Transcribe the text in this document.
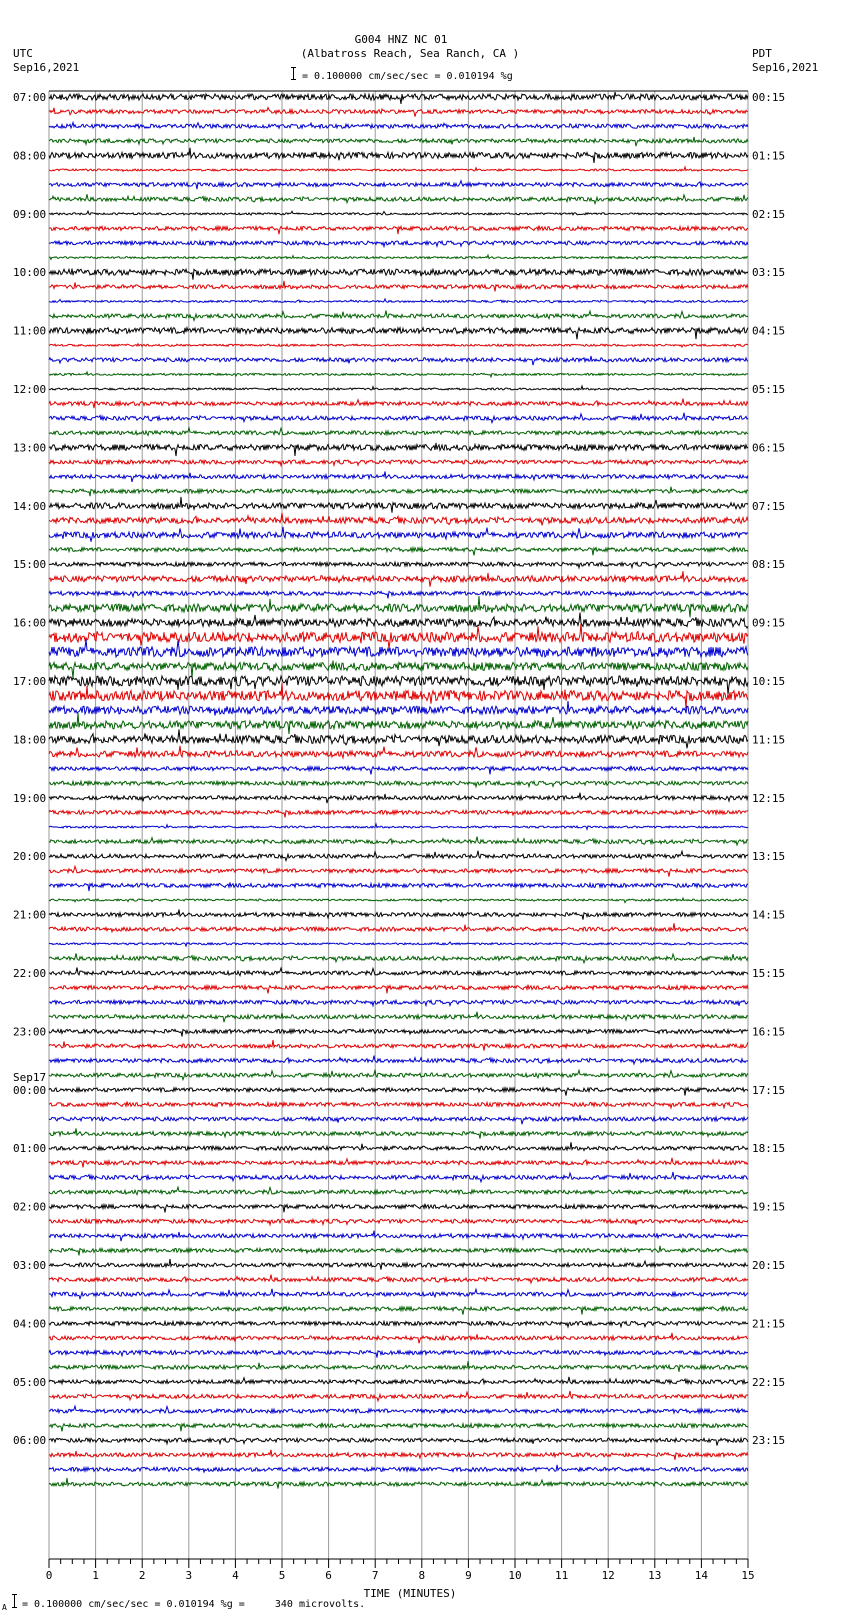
G004 HNZ NC 01
(Albatross Reach, Sea Ranch, CA )
= 0.100000 cm/sec/sec = 0.010194 %g
UTC
Sep16,2021
PDT
Sep16,2021
0	1	2	3	4	5	6	7	8	9	10	11	12	13	14	15
07:00
08:00
09:00
10:00
11:00
12:00
13:00
14:00
15:00
16:00
17:00
18:00
19:00
20:00
21:00
22:00
23:00
00:00
01:00
02:00
03:00
04:00
05:00
06:00
Sep17
00:15
01:15
02:15
03:15
04:15
05:15
06:15
07:15
08:15
09:15
10:15
11:15
12:15
13:15
14:15
15:15
16:15
17:15
18:15
19:15
20:15
21:15
22:15
23:15
TIME (MINUTES)
A = 0.100000 cm/sec/sec = 0.010194 %g =     340 microvolts.
